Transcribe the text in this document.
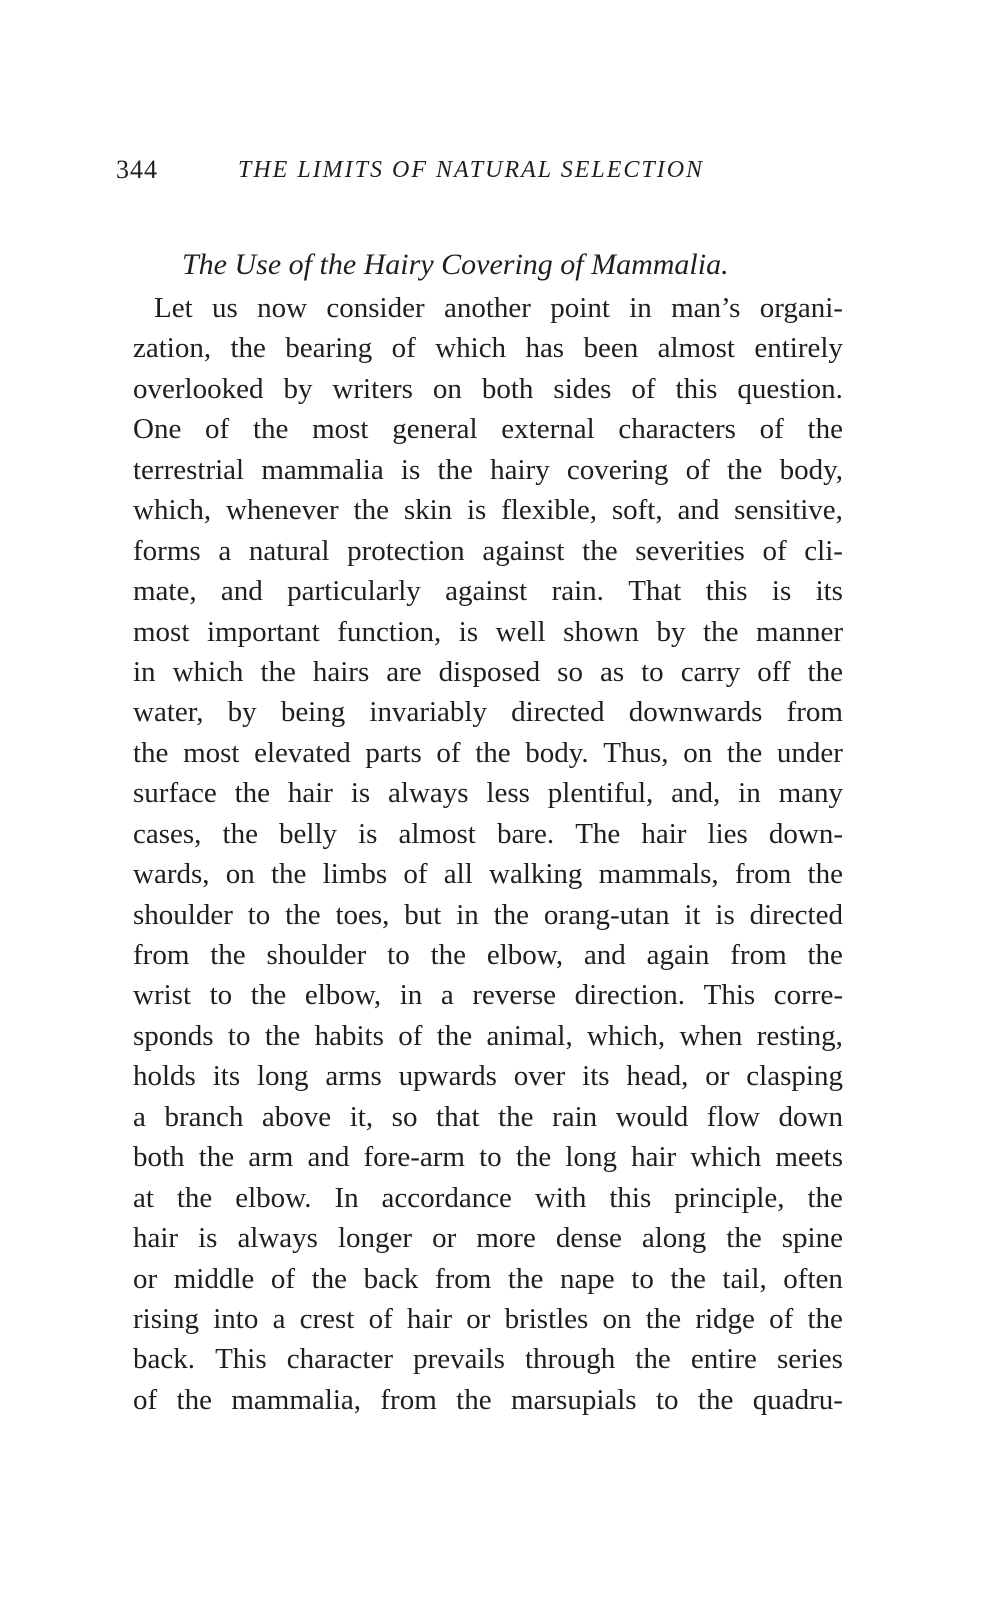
344	THE LIMITS OF NATURAL SELECTION
The Use of the Hairy Covering of Mammalia.
Let us now consider another point in man’s organi-
zation, the bearing of which has been almost entirely
overlooked by writers on both sides of this question.
One of the most general external characters of the
terrestrial mammalia is the hairy covering of the body,
which, whenever the skin is flexible, soft, and sensitive,
forms a natural protection against the severities of cli-
mate, and particularly against rain. That this is its
most important function, is well shown by the manner
in which the hairs are disposed so as to carry off the
water, by being invariably directed downwards from
the most elevated parts of the body. Thus, on the under
surface the hair is always less plentiful, and, in many
cases, the belly is almost bare. The hair lies down-
wards, on the limbs of all walking mammals, from the
shoulder to the toes, but in the orang-utan it is directed
from the shoulder to the elbow, and again from the
wrist to the elbow, in a reverse direction. This corre-
sponds to the habits of the animal, which, when resting,
holds its long arms upwards over its head, or clasping
a branch above it, so that the rain would flow down
both the arm and fore-arm to the long hair which meets
at the elbow. In accordance with this principle, the
hair is always longer or more dense along the spine
or middle of the back from the nape to the tail, often
rising into a crest of hair or bristles on the ridge of the
back. This character prevails through the entire series
of the mammalia, from the marsupials to the quadru-
